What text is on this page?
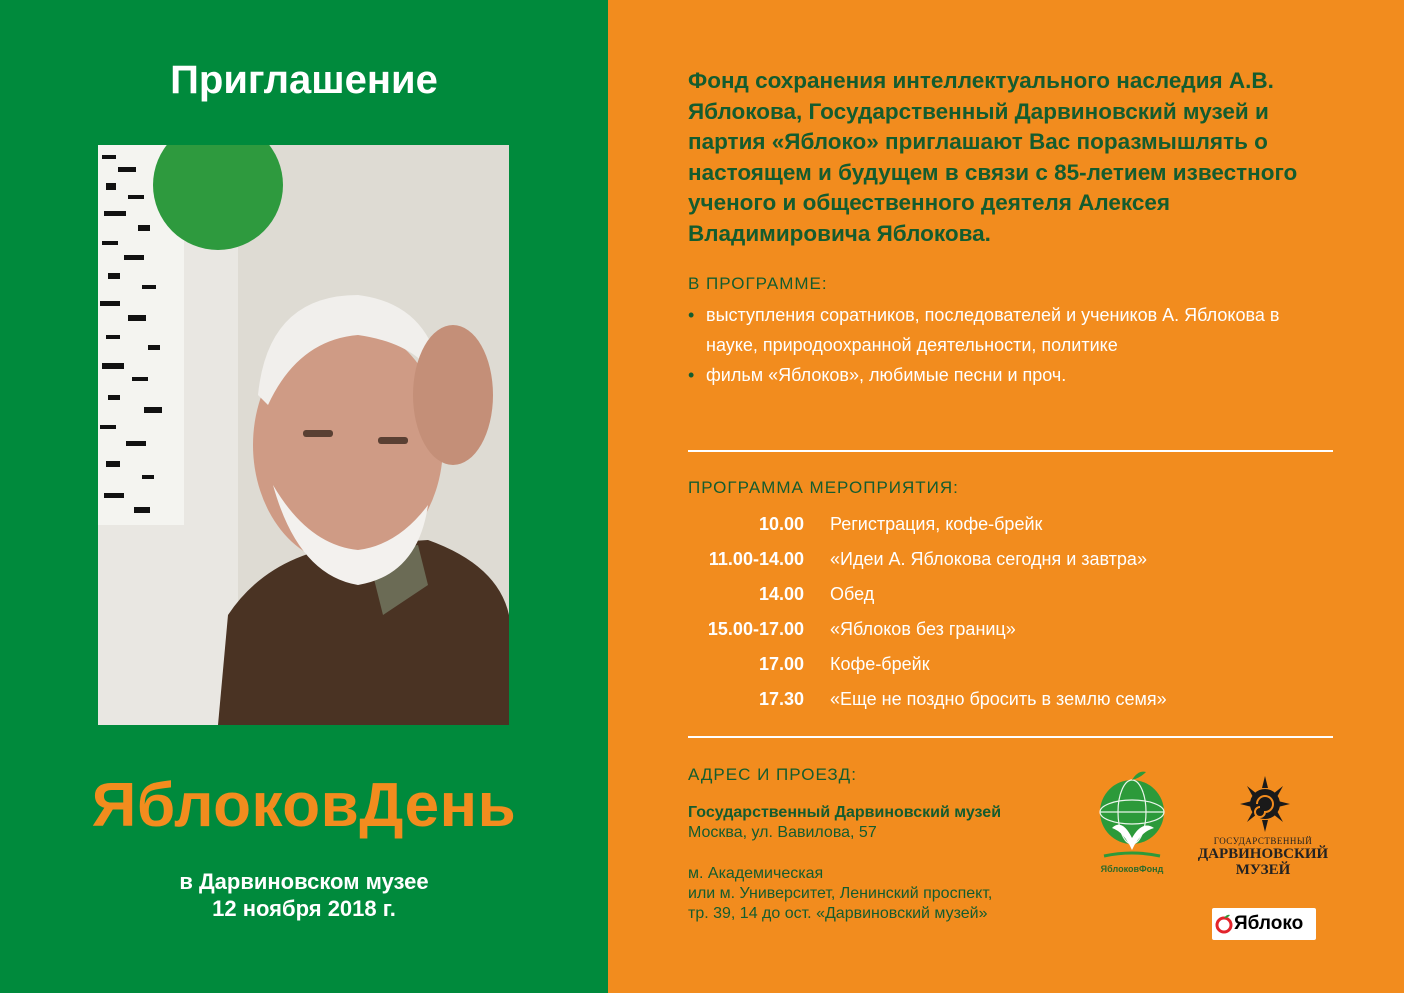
Приглашение
ЯблоковДень
в Дарвиновском музее
12 ноября 2018 г.
Фонд сохранения интеллектуального наследия А.В. Яблокова, Государственный Дарвиновский музей и партия «Яблоко» приглашают Вас поразмышлять о настоящем и будущем в связи с 85-летием известного ученого и общественного деятеля Алексея Владимировича Яблокова.
В ПРОГРАММЕ:
• выступления соратников, последователей и учеников А. Яблокова в науке, природоохранной деятельности, политике
• фильм «Яблоков», любимые песни и проч.
ПРОГРАММА МЕРОПРИЯТИЯ:
10.00 Регистрация, кофе-брейк
11.00-14.00 «Идеи А. Яблокова сегодня и завтра»
14.00 Обед
15.00-17.00 «Яблоков без границ»
17.00 Кофе-брейк
17.30 «Еще не поздно бросить в землю семя»
АДРЕС И ПРОЕЗД:
Государственный Дарвиновский музей
Москва, ул. Вавилова, 57
м. Академическая
или м. Университет, Ленинский проспект,
тр. 39, 14 до ост. «Дарвиновский музей»
ЯблоковФонд
ГОСУДАРСТВЕННЫЙ
ДАРВИНОВСКИЙ
МУЗЕЙ
Яблоко
